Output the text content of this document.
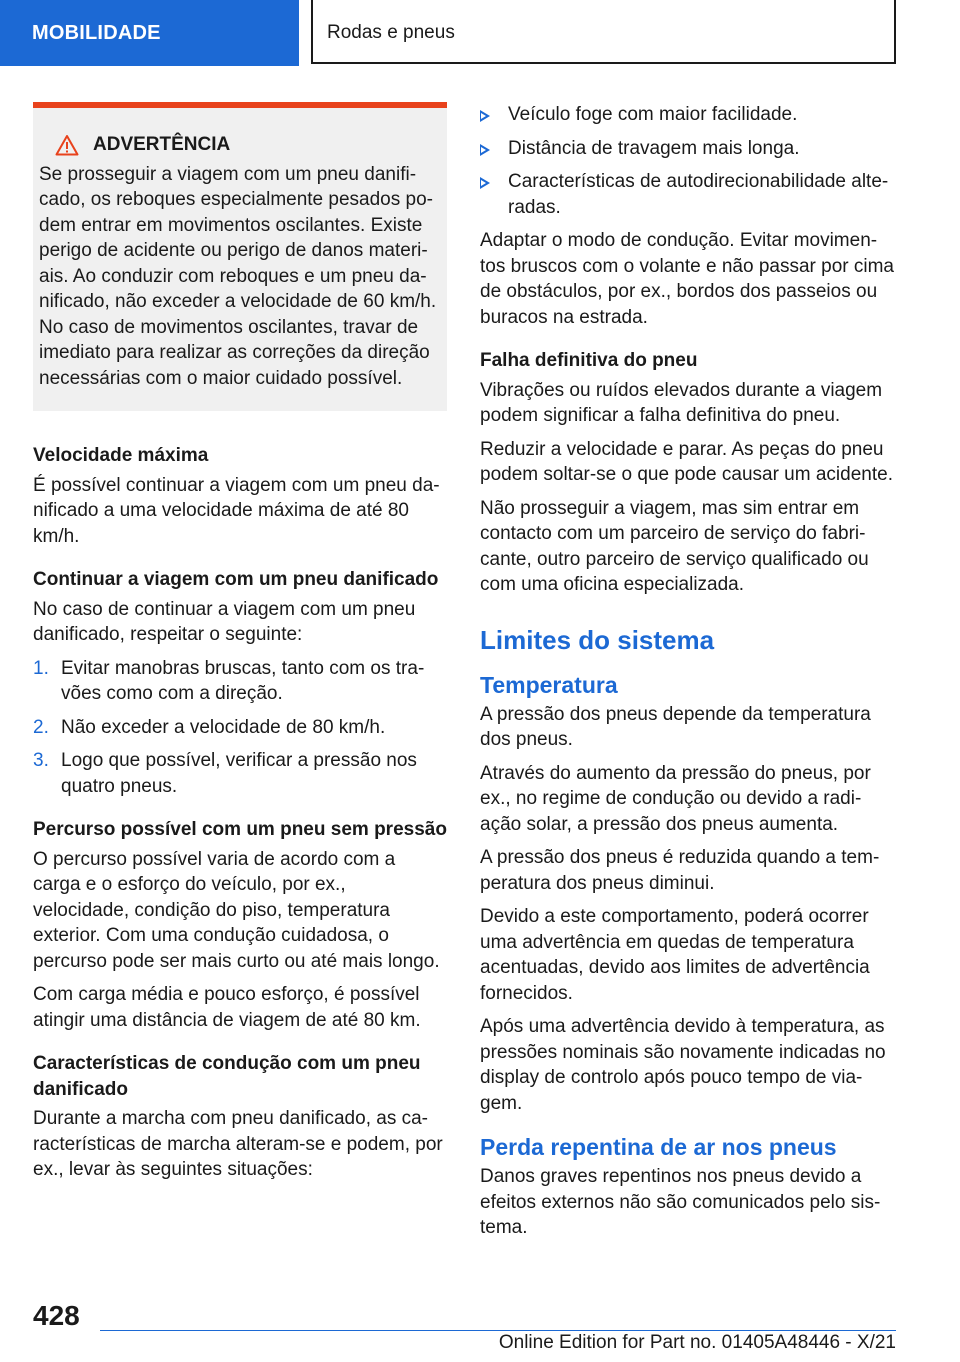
MOBILIDADE	Rodas e pneus
ADVERTÊNCIA

Se prosseguir a viagem com um pneu danificado, os reboques especialmente pesados podem entrar em movimentos oscilantes. Existe perigo de acidente ou perigo de danos materiais. Ao conduzir com reboques e um pneu danificado, não exceder a velocidade de 60 km/h. No caso de movimentos oscilantes, travar de imediato para realizar as correções da direção necessárias com o maior cuidado possível.

Velocidade máxima

É possível continuar a viagem com um pneu danificado a uma velocidade máxima de até 80 km/h.

Continuar a viagem com um pneu danificado

No caso de continuar a viagem com um pneu danificado, respeitar o seguinte:

1. Evitar manobras bruscas, tanto com os travões como com a direção.
2. Não exceder a velocidade de 80 km/h.
3. Logo que possível, verificar a pressão nos quatro pneus.
Percurso possível com um pneu sem pressão

O percurso possível varia de acordo com a carga e o esforço do veículo, por ex., velocidade, condição do piso, temperatura exterior. Com uma condução cuidadosa, o percurso pode ser mais curto ou até mais longo.

Com carga média e pouco esforço, é possível atingir uma distância de viagem de até 80 km.

Características de condução com um pneu danificado

Durante a marcha com pneu danificado, as características de marcha alteram-se e podem, por ex., levar às seguintes situações:

Veículo foge com maior facilidade.
Distância de travagem mais longa.
Características de autodirecionabilidade alteradas.

Adaptar o modo de condução. Evitar movimentos bruscos com o volante e não passar por cima de obstáculos, por ex., bordos dos passeios ou buracos na estrada.

Falha definitiva do pneu

Vibrações ou ruídos elevados durante a viagem podem significar a falha definitiva do pneu.

Reduzir a velocidade e parar. As peças do pneu podem soltar-se o que pode causar um acidente.

Não prosseguir a viagem, mas sim entrar em contacto com um parceiro de serviço do fabricante, outro parceiro de serviço qualificado ou com uma oficina especializada.

Limites do sistema
Temperatura

A pressão dos pneus depende da temperatura dos pneus.

Através do aumento da pressão do pneus, por ex., no regime de condução ou devido a radiação solar, a pressão dos pneus aumenta.

A pressão dos pneus é reduzida quando a temperatura dos pneus diminui.

Devido a este comportamento, poderá ocorrer uma advertência em quedas de temperatura acentuadas, devido aos limites de advertência fornecidos.

Após uma advertência devido à temperatura, as pressões nominais são novamente indicadas no display de controlo após pouco tempo de viagem.

Perda repentina de ar nos pneus

Danos graves repentinos nos pneus devido a efeitos externos não são comunicados pelo sistema.

428
Online Edition for Part no. 01405A48446 - X/21
